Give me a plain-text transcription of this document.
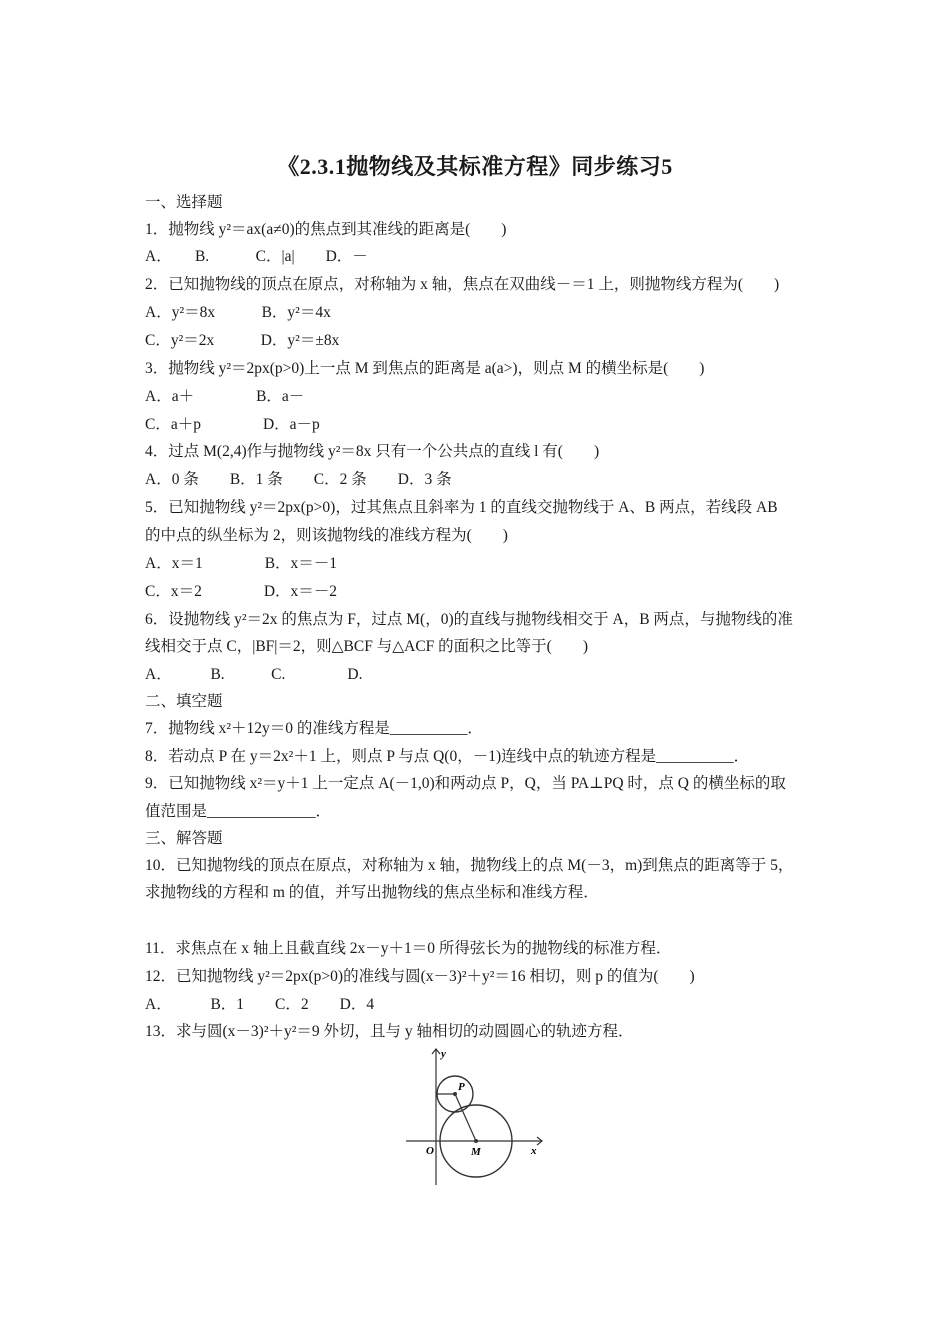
《2.3.1抛物线及其标准方程》同步练习5
一、选择题
1．抛物线 y²＝ax(a≠0)的焦点到其准线的距离是(　　)
A．　　B.　　　C．|a|　　D．－
2．已知抛物线的顶点在原点，对称轴为 x 轴，焦点在双曲线－＝1 上，则抛物线方程为(　　)
A．y²＝8x　　　B．y²＝4x
C．y²＝2x　　　D．y²＝±8x
3．抛物线 y²＝2px(p>0)上一点 M 到焦点的距离是 a(a>)，则点 M 的横坐标是(　　)
A．a＋　　　　B．a－
C．a＋p　　　　D．a－p
4．过点 M(2,4)作与抛物线 y²＝8x 只有一个公共点的直线 l 有(　　)
A．0 条　　B．1 条　　C．2 条　　D．3 条
5．已知抛物线 y²＝2px(p>0)，过其焦点且斜率为 1 的直线交抛物线于 A、B 两点，若线段 AB
的中点的纵坐标为 2，则该抛物线的准线方程为(　　)
A．x＝1　　　　B．x＝－1
C．x＝2　　　　D．x＝－2
6．设抛物线 y²＝2x 的焦点为 F，过点 M(，0)的直线与抛物线相交于 A，B 两点，与抛物线的准
线相交于点 C，|BF|＝2，则△BCF 与△ACF 的面积之比等于(　　)
A．　　　B.　　　C.　　　　D.
二、填空题
7．抛物线 x²＋12y＝0 的准线方程是__________．
8．若动点 P 在 y＝2x²＋1 上，则点 P 与点 Q(0，－1)连线中点的轨迹方程是__________．
9．已知抛物线 x²＝y＋1 上一定点 A(－1,0)和两动点 P，Q，当 PA⊥PQ 时，点 Q 的横坐标的取
值范围是______________．
三、解答题
10．已知抛物线的顶点在原点，对称轴为 x 轴，抛物线上的点 M(－3，m)到焦点的距离等于 5，
求抛物线的方程和 m 的值，并写出抛物线的焦点坐标和准线方程．
11．求焦点在 x 轴上且截直线 2x－y＋1＝0 所得弦长为的抛物线的标准方程．
12．已知抛物线 y²＝2px(p>0)的准线与圆(x－3)²＋y²＝16 相切，则 p 的值为(　　)
A．　　　B．1　　C．2　　D．4
13．求与圆(x－3)²＋y²＝9 外切，且与 y 轴相切的动圆圆心的轨迹方程．
y
x
O
P
M
